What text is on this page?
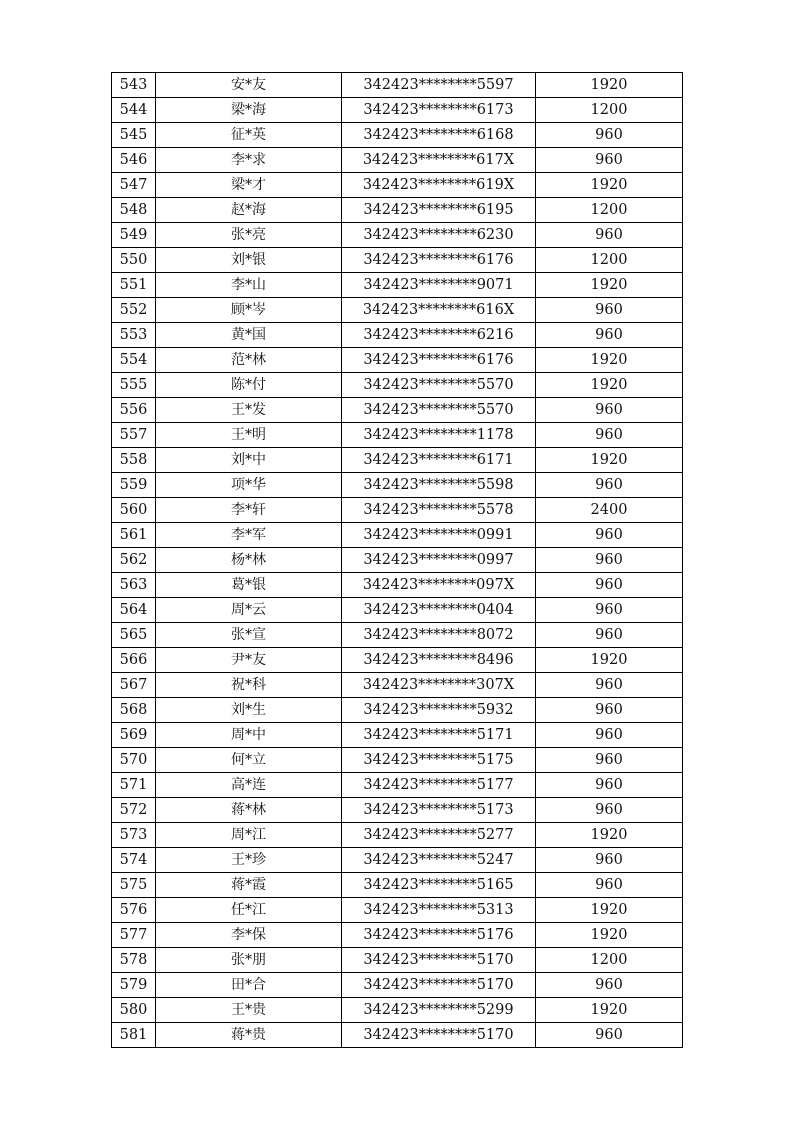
543	安*友	342423********5597	1920
544	梁*海	342423********6173	1200
545	征*英	342423********6168	960
546	李*求	342423********617X	960
547	梁*才	342423********619X	1920
548	赵*海	342423********6195	1200
549	张*亮	342423********6230	960
550	刘*银	342423********6176	1200
551	李*山	342423********9071	1920
552	顾*岑	342423********616X	960
553	黄*国	342423********6216	960
554	范*林	342423********6176	1920
555	陈*付	342423********5570	1920
556	王*发	342423********5570	960
557	王*明	342423********1178	960
558	刘*中	342423********6171	1920
559	项*华	342423********5598	960
560	李*轩	342423********5578	2400
561	李*军	342423********0991	960
562	杨*林	342423********0997	960
563	葛*银	342423********097X	960
564	周*云	342423********0404	960
565	张*宣	342423********8072	960
566	尹*友	342423********8496	1920
567	祝*科	342423********307X	960
568	刘*生	342423********5932	960
569	周*中	342423********5171	960
570	何*立	342423********5175	960
571	高*连	342423********5177	960
572	蒋*林	342423********5173	960
573	周*江	342423********5277	1920
574	王*珍	342423********5247	960
575	蒋*霞	342423********5165	960
576	任*江	342423********5313	1920
577	李*保	342423********5176	1920
578	张*朋	342423********5170	1200
579	田*合	342423********5170	960
580	王*贵	342423********5299	1920
581	蒋*贵	342423********5170	960
